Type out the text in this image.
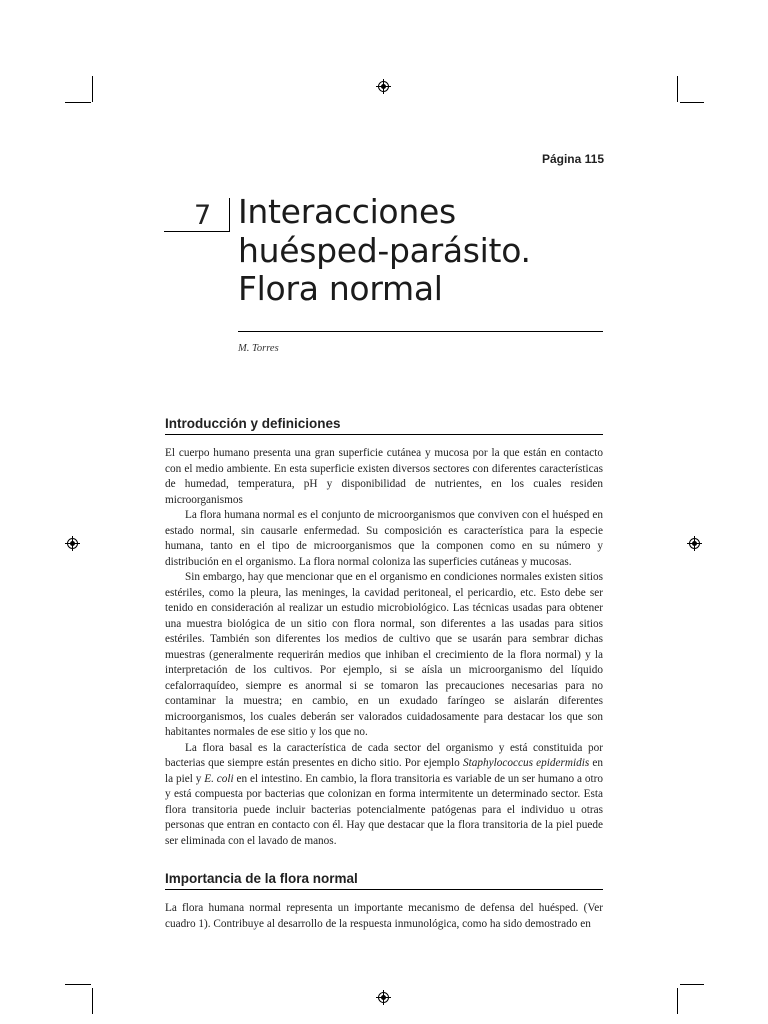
Página 115
7 Interacciones
huésped-parásito.
Flora normal
M. Torres
Introducción y definiciones

El cuerpo humano presenta una gran superficie cutánea y mucosa por la que están en contacto con el medio ambiente. En esta superficie existen diversos sectores con diferentes características de humedad, temperatura, pH y disponibilidad de nutrientes, en los cuales residen microorganismos

La flora humana normal es el conjunto de microorganismos que conviven con el huésped en estado normal, sin causarle enfermedad. Su composición es característica para la especie humana, tanto en el tipo de microorganismos que la componen como en su número y distribución en el organismo. La flora normal coloniza las superficies cutáneas y mucosas.

Sin embargo, hay que mencionar que en el organismo en condiciones normales existen sitios estériles, como la pleura, las meninges, la cavidad peritoneal, el pericardio, etc. Esto debe ser tenido en consideración al realizar un estudio microbiológico. Las técnicas usadas para obtener una muestra biológica de un sitio con flora normal, son diferentes a las usadas para sitios estériles. También son diferentes los medios de cultivo que se usarán para sembrar dichas muestras (generalmente requerirán medios que inhiban el crecimiento de la flora normal) y la interpretación de los cultivos. Por ejemplo, si se aísla un microorganismo del líquido cefalorraquídeo, siempre es anormal si se tomaron las precauciones necesarias para no contaminar la muestra; en cambio, en un exudado faríngeo se aislarán diferentes microorganismos, los cuales deberán ser valorados cuidadosamente para destacar los que son habitantes normales de ese sitio y los que no.

La flora basal es la característica de cada sector del organismo y está constituida por bacterias que siempre están presentes en dicho sitio. Por ejemplo Staphylococcus epidermidis en la piel y E. coli en el intestino. En cambio, la flora transitoria es variable de un ser humano a otro y está compuesta por bacterias que colonizan en forma intermitente un determinado sector. Esta flora transitoria puede incluir bacterias potencialmente patógenas para el individuo u otras personas que entran en contacto con él. Hay que destacar que la flora transitoria de la piel puede ser eliminada con el lavado de manos.

Importancia de la flora normal

La flora humana normal representa un importante mecanismo de defensa del huésped. (Ver cuadro 1). Contribuye al desarrollo de la respuesta inmunológica, como ha sido demostrado en
